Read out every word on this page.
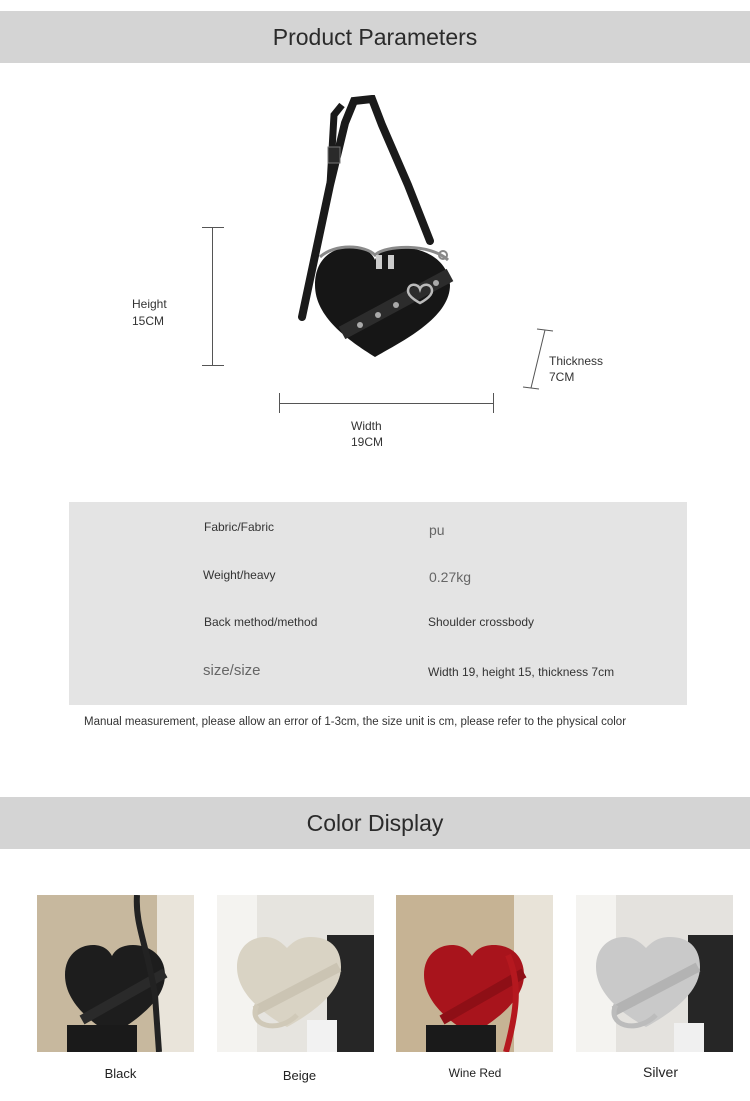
Product Parameters
Height
15CM
Width
19CM
Thickness
7CM
Fabric/Fabric	pu
Weight/heavy	0.27kg
Back method/method	Shoulder crossbody
size/size	Width 19, height 15, thickness 7cm
Manual measurement, please allow an error of 1-3cm, the size unit is cm, please refer to the physical color
Color Display
Black	Beige	Wine Red	Silver
